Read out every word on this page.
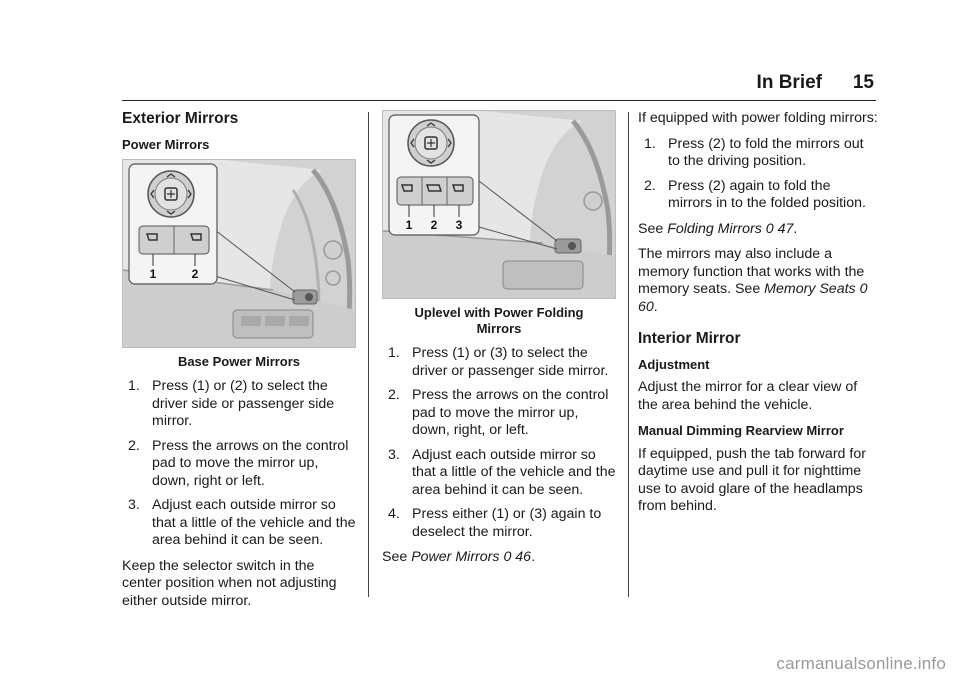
In Brief 15
Exterior Mirrors
Power Mirrors
1	2
Base Power Mirrors
1. Press (1) or (2) to select the driver side or passenger side mirror.
2. Press the arrows on the control pad to move the mirror up, down, right or left.
3. Adjust each outside mirror so that a little of the vehicle and the area behind it can be seen.

Keep the selector switch in the center position when not adjusting either outside mirror.

1 2 3
Uplevel with Power Folding
Mirrors
1. Press (1) or (3) to select the driver or passenger side mirror.
2. Press the arrows on the control pad to move the mirror up, down, right, or left.
3. Adjust each outside mirror so that a little of the vehicle and the area behind it can be seen.
4. Press either (1) or (3) again to deselect the mirror.

See Power Mirrors 0 46.

If equipped with power folding mirrors:

1. Press (2) to fold the mirrors out to the driving position.
2. Press (2) again to fold the mirrors in to the folded position.

See Folding Mirrors 0 47.

The mirrors may also include a memory function that works with the memory seats. See Memory Seats 0 60.

Interior Mirror
Adjustment

Adjust the mirror for a clear view of the area behind the vehicle.

Manual Dimming Rearview Mirror

If equipped, push the tab forward for daytime use and pull it for nighttime use to avoid glare of the headlamps from behind.

carmanualsonline.info
